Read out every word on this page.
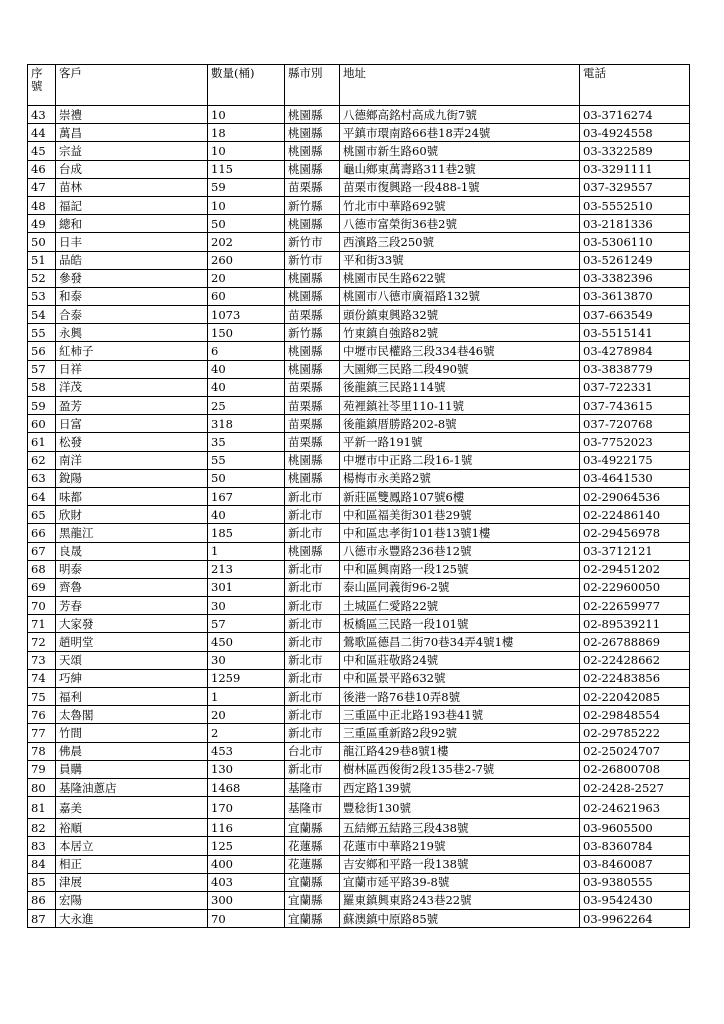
序號	客戶	數量(桶)	縣市別	地址	電話
43	崇禮	10	桃園縣	八德鄉高銘村高成九街7號	03-3716274
44	萬昌	18	桃園縣	平鎮市環南路66巷18弄24號	03-4924558
45	宗益	10	桃園縣	桃園市新生路60號	03-3322589
46	台成	115	桃園縣	龜山鄉東萬壽路311巷2號	03-3291111
47	苗林	59	苗栗縣	苗栗市復興路一段488-1號	037-329557
48	福記	10	新竹縣	竹北市中華路692號	03-5552510
49	總和	50	桃園縣	八德市富榮街36巷2號	03-2181336
50	日丰	202	新竹市	西濱路三段250號	03-5306110
51	品皓	260	新竹市	平和街33號	03-5261249
52	參發	20	桃園縣	桃園市民生路622號	03-3382396
53	和泰	60	桃園縣	桃園市八德市廣福路132號	03-3613870
54	合泰	1073	苗栗縣	頭份鎮東興路32號	037-663549
55	永興	150	新竹縣	竹東鎮自強路82號	03-5515141
56	紅柿子	6	桃園縣	中壢市民權路三段334巷46號	03-4278984
57	日祥	40	桃園縣	大園鄉三民路二段490號	03-3838779
58	洋茂	40	苗栗縣	後龍鎮三民路114號	037-722331
59	盈芳	25	苗栗縣	苑裡鎮社苓里110-11號	037-743615
60	日富	318	苗栗縣	後龍鎮厝勝路202-8號	037-720768
61	松發	35	苗栗縣	平新一路191號	03-7752023
62	南洋	55	桃園縣	中壢市中正路二段16-1號	03-4922175
63	銳陽	50	桃園縣	楊梅市永美路2號	03-4641530
64	味都	167	新北市	新莊區雙鳳路107號6樓	02-29064536
65	欣財	40	新北市	中和區福美街301巷29號	02-22486140
66	黑龍江	185	新北市	中和區忠孝街101巷13號1樓	02-29456978
67	良晟	1	桃園縣	八德市永豐路236巷12號	03-3712121
68	明泰	213	新北市	中和區興南路一段125號	02-29451202
69	齊魯	301	新北市	泰山區同義街96-2號	02-22960050
70	芳春	30	新北市	土城區仁愛路22號	02-22659977
71	大家發	57	新北市	板橋區三民路一段101號	02-89539211
72	趙明堂	450	新北市	鶯歌區德昌二街70巷34弄4號1樓	02-26788869
73	天頌	30	新北市	中和區莊敬路24號	02-22428662
74	巧紳	1259	新北市	中和區景平路632號	02-22483856
75	福利	1	新北市	後港一路76巷10弄8號	02-22042085
76	太魯閣	20	新北市	三重區中正北路193巷41號	02-29848554
77	竹間	2	新北市	三重區重新路2段92號	02-29785222
78	佛晨	453	台北市	龍江路429巷8號1樓	02-25024707
79	員購	130	新北市	樹林區西俊街2段135巷2-7號	02-26800708
80	基隆油蔥店	1468	基隆市	西定路139號	02-2428-2527
81	嘉美	170	基隆市	豐稔街130號	02-24621963
82	裕順	116	宜蘭縣	五結鄉五結路三段438號	03-9605500
83	本居立	125	花蓮縣	花蓮市中華路219號	03-8360784
84	相正	400	花蓮縣	吉安鄉和平路一段138號	03-8460087
85	津展	403	宜蘭縣	宜蘭市延平路39-8號	03-9380555
86	宏陽	300	宜蘭縣	羅東鎮興東路243巷22號	03-9542430
87	大永進	70	宜蘭縣	蘇澳鎮中原路85號	03-9962264
